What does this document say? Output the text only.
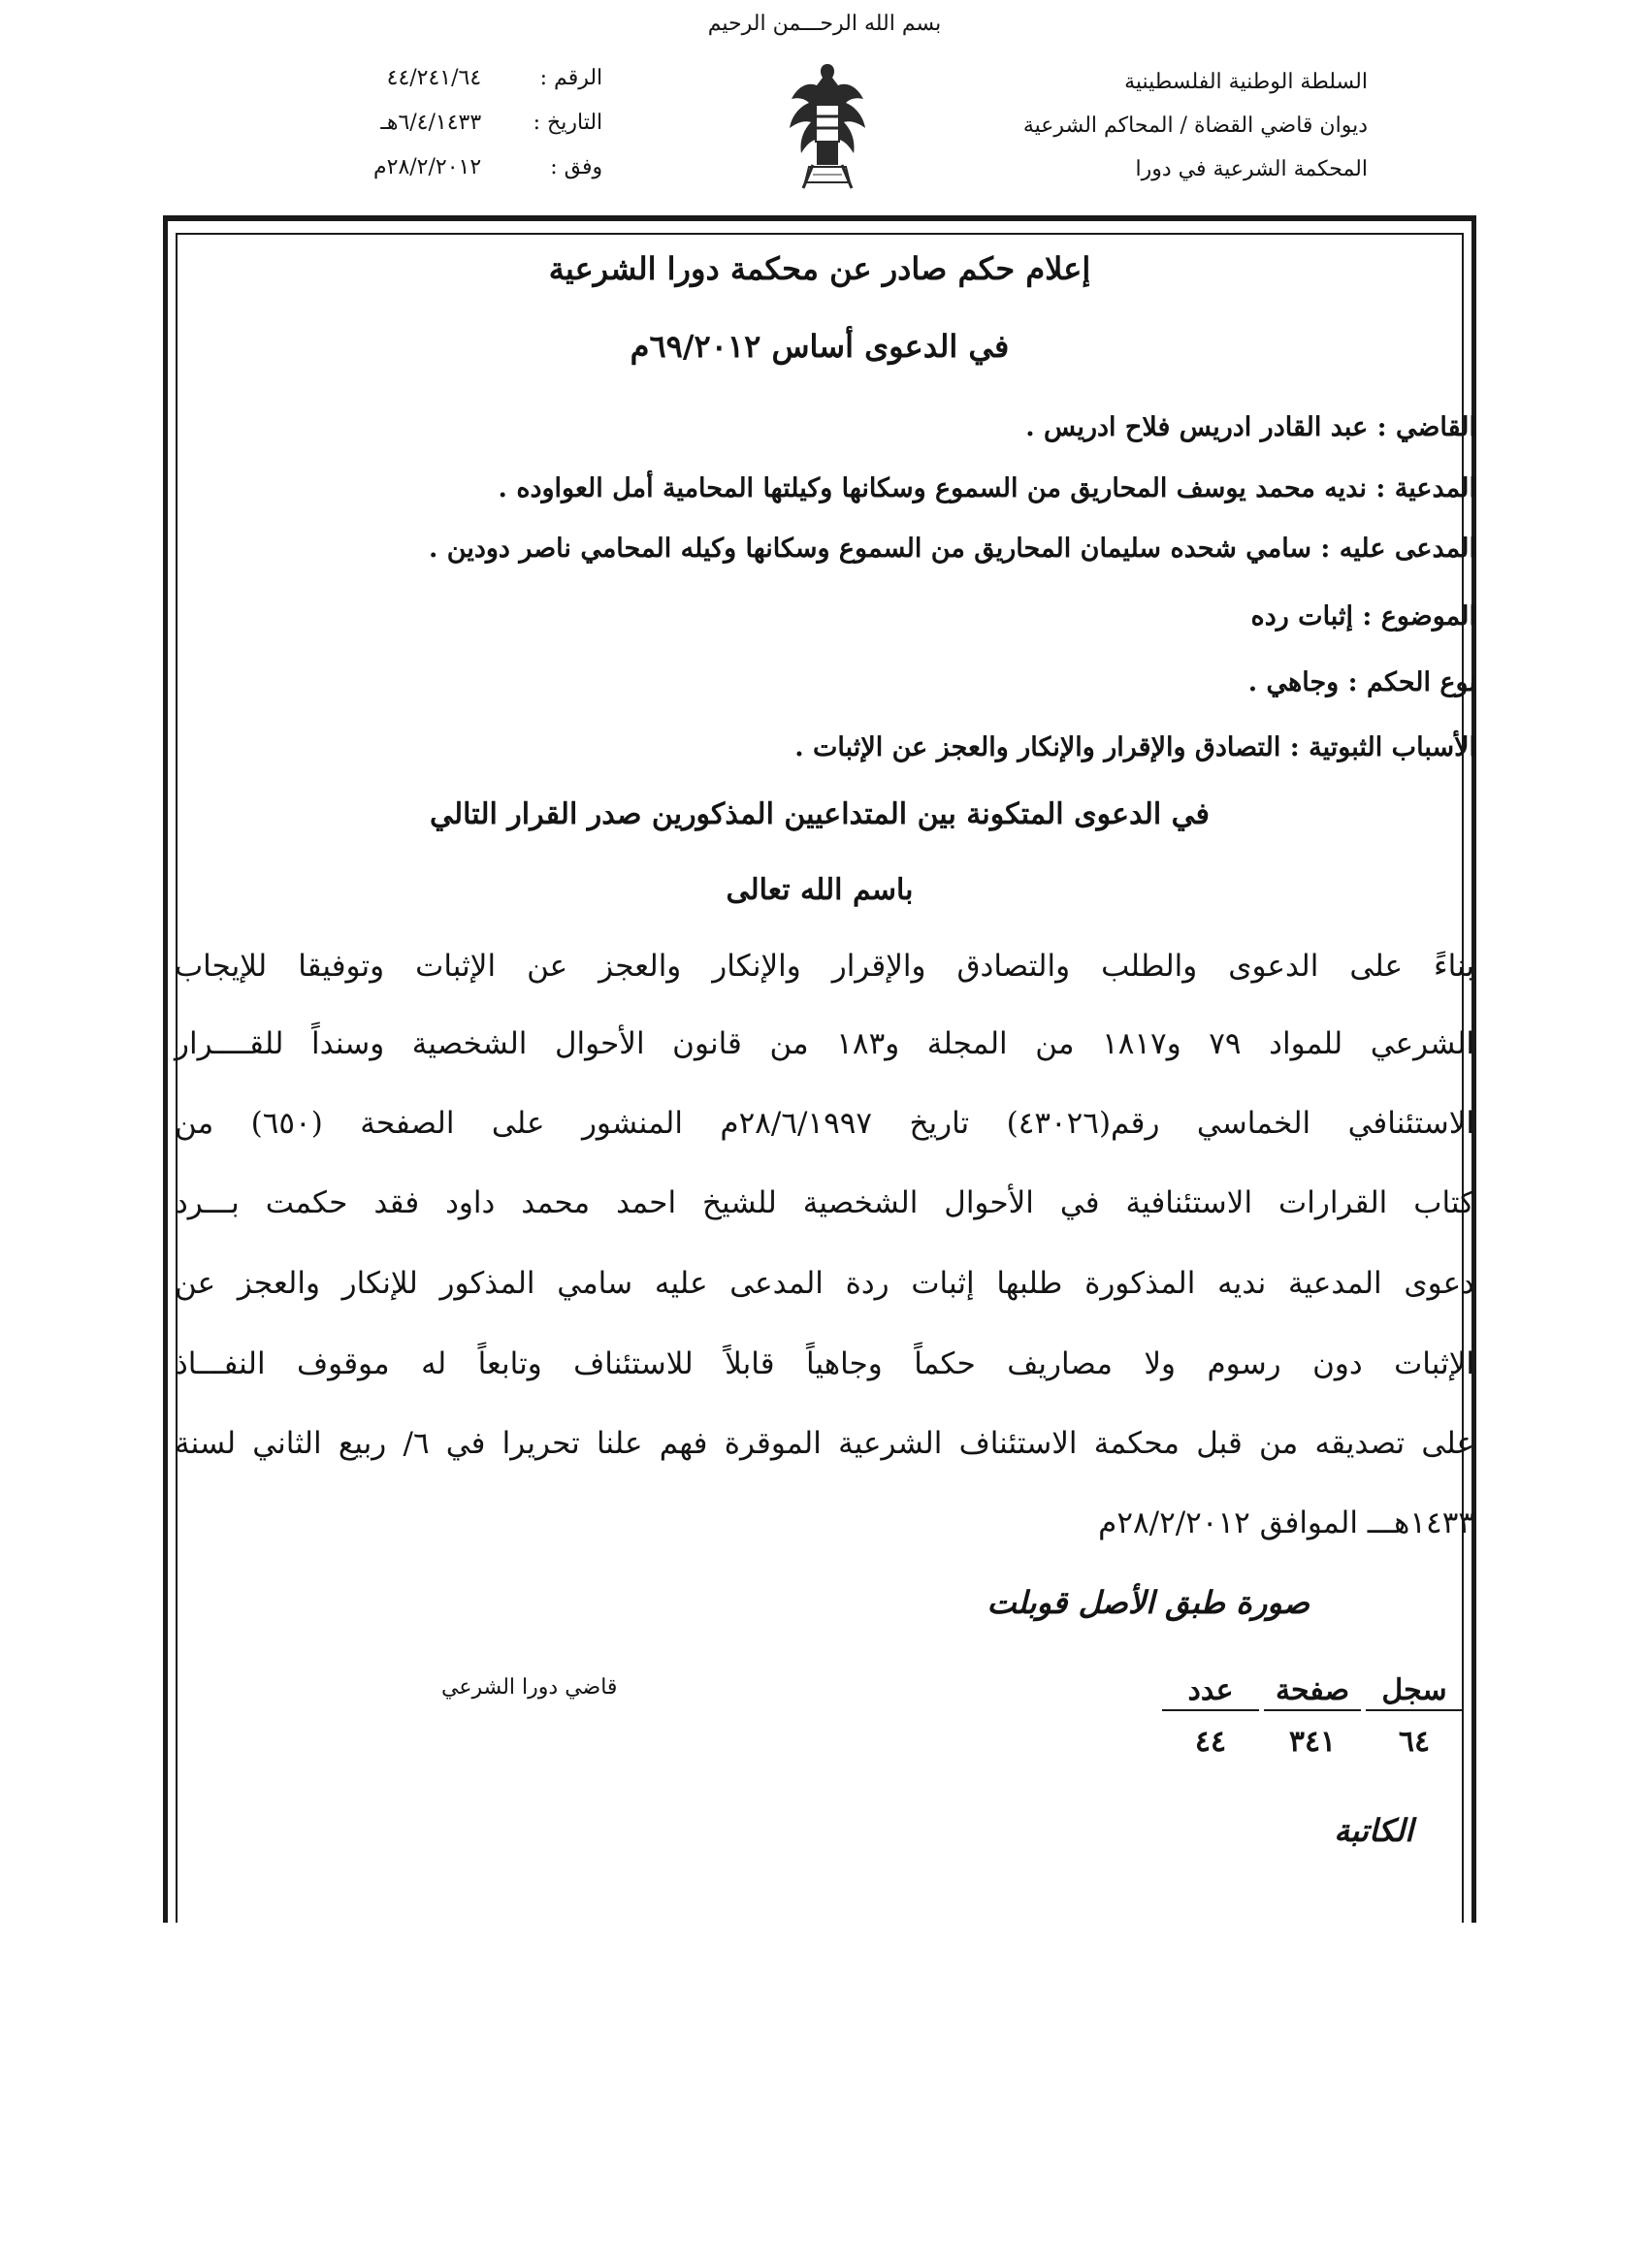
بسم الله الرحـــمن الرحيم
السلطة الوطنية الفلسطينية
ديوان قاضي القضاة / المحاكم الشرعية
المحكمة الشرعية في دورا
الرقم :٤٤/٢٤١/٦٤
التاريخ :٦/٤/١٤٣٣هـ
وفق :٢٨/٢/٢٠١٢م
إعلام حكم صادر عن محكمة دورا الشرعية
في الدعوى أساس ٦٩/٢٠١٢م
القاضي : عبد القادر ادريس فلاح ادريس .
المدعية : نديه محمد يوسف المحاريق من السموع وسكانها وكيلتها المحامية أمل العواوده .
المدعى عليه : سامي شحده سليمان المحاريق من السموع وسكانها وكيله المحامي ناصر دودين .
الموضوع : إثبات رده
نوع الحكم : وجاهي .
الأسباب الثبوتية : التصادق والإقرار والإنكار والعجز عن الإثبات .
في الدعوى المتكونة بين المتداعيين المذكورين صدر القرار التالي
باسم الله تعالى
بناءً على الدعوى والطلب والتصادق والإقرار والإنكار والعجز عن الإثبات وتوفيقا للإيجاب
الشرعي للمواد ٧٩ و١٨١٧ من المجلة و١٨٣ من قانون الأحوال الشخصية وسنداً للقــــرار
الاستئنافي الخماسي رقم(٤٣٠٢٦) تاريخ ٢٨/٦/١٩٩٧م المنشور على الصفحة (٦٥٠) من
كتاب القرارات الاستئنافية في الأحوال الشخصية للشيخ احمد محمد داود فقد حكمت بـــرد
دعوى المدعية نديه المذكورة طلبها إثبات ردة المدعى عليه سامي المذكور للإنكار والعجز عن
الإثبات دون رسوم ولا مصاريف حكماً وجاهياً قابلاً للاستئناف وتابعاً له موقوف النفـــاذ
على تصديقه من قبل محكمة الاستئناف الشرعية الموقرة فهم علنا تحريرا في ٦/ ربيع الثاني لسنة
١٤٣٣هـــ الموافق ٢٨/٢/٢٠١٢م
صورة طبق الأصل قوبلت
قاضي دورا الشرعي	سجل
٦٤
صفحة
٣٤١
عدد
٤٤
الكاتبة
